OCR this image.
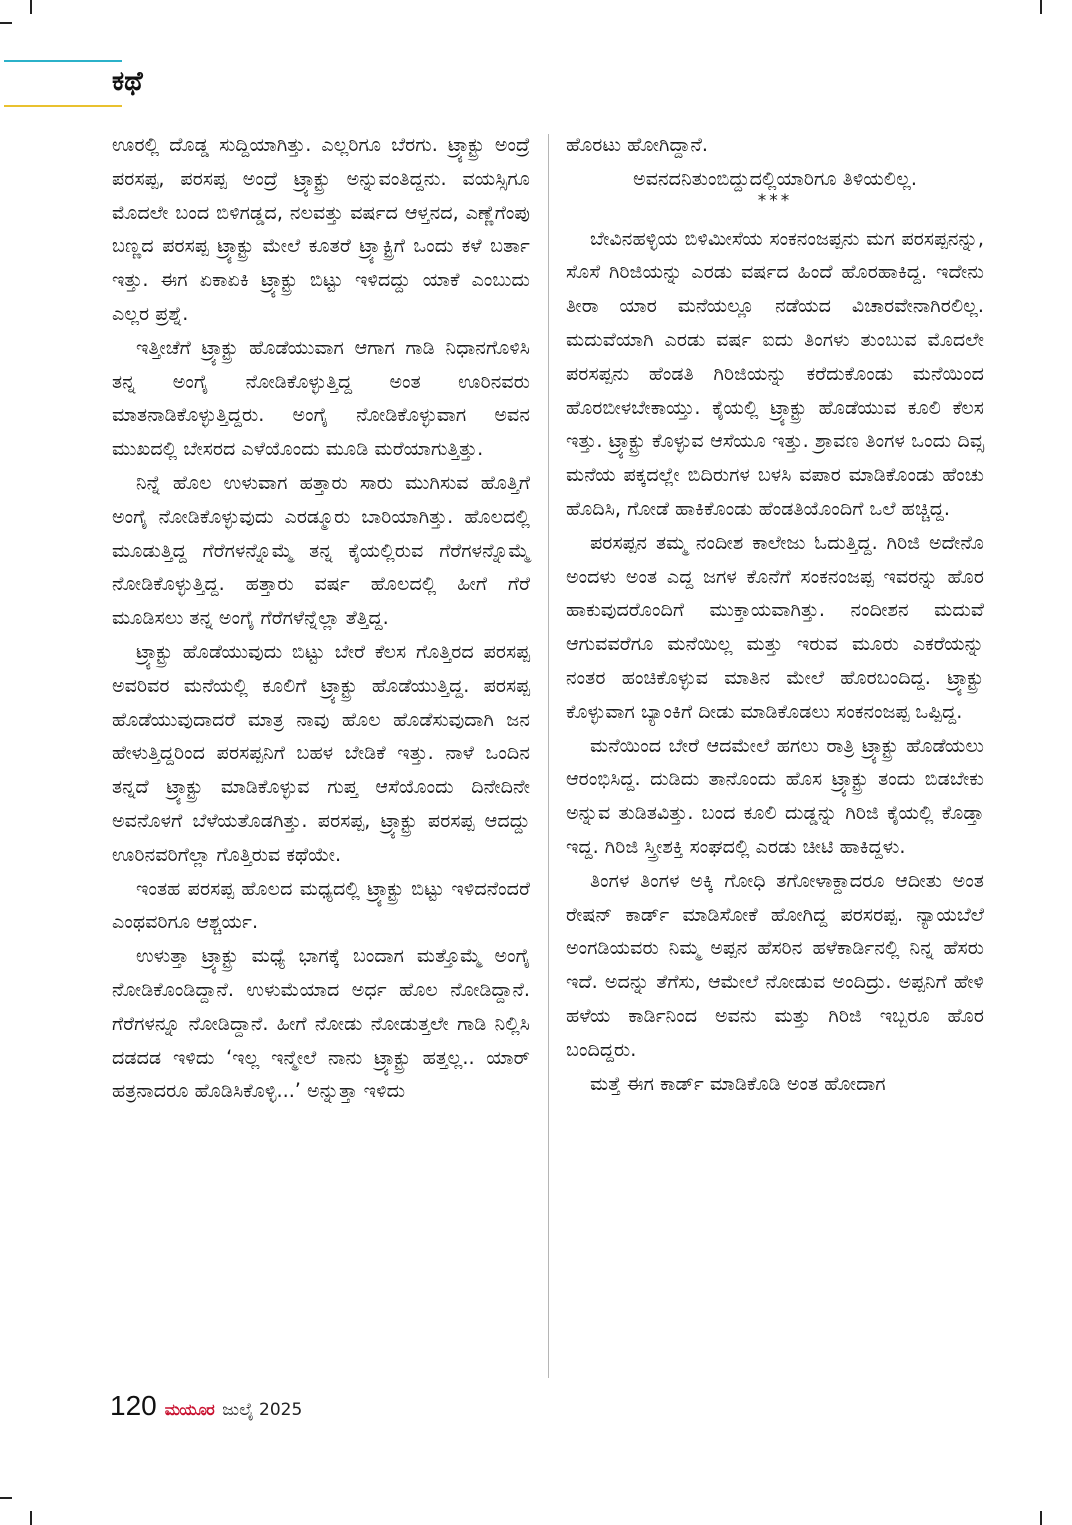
ಕಥೆ

ಊರಲ್ಲಿ ದೊಡ್ಡ ಸುದ್ದಿಯಾಗಿತ್ತು. ಎಲ್ಲರಿಗೂ ಬೆರಗು. ಟ್ರ್ಯಾಕ್ಟ್ರು ಅಂದ್ರೆ ಪರಸಪ್ಪ, ಪರಸಪ್ಪ ಅಂದ್ರೆ ಟ್ರ್ಯಾಕ್ಟ್ರು ಅನ್ನುವಂತಿದ್ದನು. ವಯಸ್ಸಿಗೂ ಮೊದಲೇ ಬಂದ ಬಿಳಿಗಡ್ಡದ, ನಲವತ್ತು ವರ್ಷದ ಆಳ್ತನದ, ಎಣ್ಣೆಗೆಂಪು ಬಣ್ಣದ ಪರಸಪ್ಪ ಟ್ರ್ಯಾಕ್ಟ್ರು ಮೇಲೆ ಕೂತರೆ ಟ್ರ್ಯಾಕ್ಟ್ರಿಗೆ ಒಂದು ಕಳೆ ಬರ್ತಾ ಇತ್ತು. ಈಗ ಏಕಾಏಕಿ ಟ್ರ್ಯಾಕ್ಟ್ರು ಬಿಟ್ಟು ಇಳಿದದ್ದು ಯಾಕೆ ಎಂಬುದು ಎಲ್ಲರ ಪ್ರಶ್ನೆ.

ಇತ್ತೀಚೆಗೆ ಟ್ರ್ಯಾಕ್ಟ್ರು ಹೊಡೆಯುವಾಗ ಆಗಾಗ ಗಾಡಿ ನಿಧಾನಗೊಳಿಸಿ ತನ್ನ ಅಂಗೈ ನೋಡಿಕೊಳ್ಳುತ್ತಿದ್ದ ಅಂತ ಊರಿನವರು ಮಾತನಾಡಿಕೊಳ್ಳುತ್ತಿದ್ದರು. ಅಂಗೈ ನೋಡಿಕೊಳ್ಳುವಾಗ ಅವನ ಮುಖದಲ್ಲಿ ಬೇಸರದ ಎಳೆಯೊಂದು ಮೂಡಿ ಮರೆಯಾಗುತ್ತಿತ್ತು.

ನಿನ್ನೆ ಹೊಲ ಉಳುವಾಗ ಹತ್ತಾರು ಸಾರು ಮುಗಿಸುವ ಹೊತ್ತಿಗೆ ಅಂಗೈ ನೋಡಿಕೊಳ್ಳುವುದು ಎರಡ್ಮೂರು ಬಾರಿಯಾಗಿತ್ತು. ಹೊಲದಲ್ಲಿ ಮೂಡುತ್ತಿದ್ದ ಗೆರೆಗಳನ್ನೊಮ್ಮೆ ತನ್ನ ಕೈಯಲ್ಲಿರುವ ಗೆರೆಗಳನ್ನೊಮ್ಮೆ ನೋಡಿಕೊಳ್ಳುತ್ತಿದ್ದ. ಹತ್ತಾರು ವರ್ಷ ಹೊಲದಲ್ಲಿ ಹೀಗೆ ಗೆರೆ ಮೂಡಿಸಲು ತನ್ನ ಅಂಗೈ ಗೆರೆಗಳೆನ್ನೆಲ್ಲಾ ತೆತ್ತಿದ್ದ.

ಟ್ರ್ಯಾಕ್ಟ್ರು ಹೊಡೆಯುವುದು ಬಿಟ್ಟು ಬೇರೆ ಕೆಲಸ ಗೊತ್ತಿರದ ಪರಸಪ್ಪ ಅವರಿವರ ಮನೆಯಲ್ಲಿ ಕೂಲಿಗೆ ಟ್ರ್ಯಾಕ್ಟ್ರು ಹೊಡೆಯುತ್ತಿದ್ದ. ಪರಸಪ್ಪ ಹೊಡೆಯುವುದಾದರೆ ಮಾತ್ರ ನಾವು ಹೊಲ ಹೊಡೆಸುವುದಾಗಿ ಜನ ಹೇಳುತ್ತಿದ್ದರಿಂದ ಪರಸಪ್ಪನಿಗೆ ಬಹಳ ಬೇಡಿಕೆ ಇತ್ತು. ನಾಳೆ ಒಂದಿನ ತನ್ನದೆ ಟ್ರ್ಯಾಕ್ಟ್ರು ಮಾಡಿಕೊಳ್ಳುವ ಗುಪ್ತ ಆಸೆಯೊಂದು ದಿನೇದಿನೇ ಅವನೊಳಗೆ ಬೆಳೆಯತೊಡಗಿತ್ತು. ಪರಸಪ್ಪ, ಟ್ರ್ಯಾಕ್ಟ್ರು ಪರಸಪ್ಪ ಆದದ್ದು ಊರಿನವರಿಗೆಲ್ಲಾ ಗೊತ್ತಿರುವ ಕಥೆಯೇ.

ಇಂತಹ ಪರಸಪ್ಪ ಹೊಲದ ಮಧ್ಯದಲ್ಲಿ ಟ್ರ್ಯಾಕ್ಟ್ರು ಬಿಟ್ಟು ಇಳಿದನೆಂದರೆ ಎಂಥವರಿಗೂ ಆಶ್ಚರ್ಯ.

ಉಳುತ್ತಾ ಟ್ರ್ಯಾಕ್ಟ್ರು ಮಧ್ಯೆ ಭಾಗಕ್ಕೆ ಬಂದಾಗ ಮತ್ತೊಮ್ಮೆ ಅಂಗೈ ನೋಡಿಕೊಂಡಿದ್ದಾನೆ. ಉಳುಮೆಯಾದ ಅರ್ಧ ಹೊಲ ನೋಡಿದ್ದಾನೆ. ಗೆರೆಗಳನ್ನೂ ನೋಡಿದ್ದಾನೆ. ಹೀಗೆ ನೋಡು ನೋಡುತ್ತಲೇ ಗಾಡಿ ನಿಲ್ಲಿಸಿ ದಡದಡ ಇಳಿದು ‘ಇಲ್ಲ ಇನ್ಮೇಲೆ ನಾನು ಟ್ರ್ಯಾಕ್ಟ್ರು ಹತ್ತಲ್ಲ.. ಯಾರ್ ಹತ್ರನಾದರೂ ಹೊಡಿಸಿಕೊಳ್ಳಿ...’ ಅನ್ನುತ್ತಾ ಇಳಿದು

ಹೊರಟು ಹೋಗಿದ್ದಾನೆ.

ಅವನದನಿತುಂಬಿದ್ದುದಲ್ಲಿಯಾರಿಗೂ ತಿಳಿಯಲಿಲ್ಲ.

***

ಬೇವಿನಹಳ್ಳಿಯ ಬಿಳಿಮೀಸೆಯ ಸಂಕನಂಜಪ್ಪನು ಮಗ ಪರಸಪ್ಪನನ್ನು, ಸೊಸೆ ಗಿರಿಜಿಯನ್ನು ಎರಡು ವರ್ಷದ ಹಿಂದೆ ಹೊರಹಾಕಿದ್ದ. ಇದೇನು ತೀರಾ ಯಾರ ಮನೆಯಲ್ಲೂ ನಡೆಯದ ವಿಚಾರವೇನಾಗಿರಲಿಲ್ಲ. ಮದುವೆಯಾಗಿ ಎರಡು ವರ್ಷ ಐದು ತಿಂಗಳು ತುಂಬುವ ಮೊದಲೇ ಪರಸಪ್ಪನು ಹೆಂಡತಿ ಗಿರಿಜಿಯನ್ನು ಕರೆದುಕೊಂಡು ಮನೆಯಿಂದ ಹೊರಬೀಳಬೇಕಾಯ್ತು. ಕೈಯಲ್ಲಿ ಟ್ರ್ಯಾಕ್ಟ್ರು ಹೊಡೆಯುವ ಕೂಲಿ ಕೆಲಸ ಇತ್ತು. ಟ್ರ್ಯಾಕ್ಟ್ರು ಕೊಳ್ಳುವ ಆಸೆಯೂ ಇತ್ತು. ಶ್ರಾವಣ ತಿಂಗಳ ಒಂದು ದಿವ್ಸ ಮನೆಯ ಪಕ್ಕದಲ್ಲೇ ಬಿದಿರುಗಳ ಬಳಸಿ ವಪಾರ ಮಾಡಿಕೊಂಡು ಹೆಂಚು ಹೊದಿಸಿ, ಗೋಡೆ ಹಾಕಿಕೊಂಡು ಹೆಂಡತಿಯೊಂದಿಗೆ ಒಲೆ ಹಚ್ಚಿದ್ದ.

ಪರಸಪ್ಪನ ತಮ್ಮ ನಂದೀಶ ಕಾಲೇಜು ಓದುತ್ತಿದ್ದ. ಗಿರಿಜಿ ಅದೇನೊ ಅಂದಳು ಅಂತ ಎದ್ದ ಜಗಳ ಕೊನೆಗೆ ಸಂಕನಂಜಪ್ಪ ಇವರನ್ನು ಹೊರ ಹಾಕುವುದರೊಂದಿಗೆ ಮುಕ್ತಾಯವಾಗಿತ್ತು. ನಂದೀಶನ ಮದುವೆ ಆಗುವವರೆಗೂ ಮನೆಯಿಲ್ಲ ಮತ್ತು ಇರುವ ಮೂರು ಎಕರೆಯನ್ನು ನಂತರ ಹಂಚಿಕೊಳ್ಳುವ ಮಾತಿನ ಮೇಲೆ ಹೊರಬಂದಿದ್ದ. ಟ್ರ್ಯಾಕ್ಟ್ರು ಕೊಳ್ಳುವಾಗ ಬ್ಯಾಂಕಿಗೆ ದೀಡು ಮಾಡಿಕೊಡಲು ಸಂಕನಂಜಪ್ಪ ಒಪ್ಪಿದ್ದ.

ಮನೆಯಿಂದ ಬೇರೆ ಆದಮೇಲೆ ಹಗಲು ರಾತ್ರಿ ಟ್ರ್ಯಾಕ್ಟ್ರು ಹೊಡೆಯಲು ಆರಂಭಿಸಿದ್ದ. ದುಡಿದು ತಾನೊಂದು ಹೊಸ ಟ್ರ್ಯಾಕ್ಟ್ರು ತಂದು ಬಿಡಬೇಕು ಅನ್ನುವ ತುಡಿತವಿತ್ತು. ಬಂದ ಕೂಲಿ ದುಡ್ಡನ್ನು ಗಿರಿಜಿ ಕೈಯಲ್ಲಿ ಕೊಡ್ತಾ ಇದ್ದ. ಗಿರಿಜಿ ಸ್ತ್ರೀಶಕ್ತಿ ಸಂಘದಲ್ಲಿ ಎರಡು ಚೀಟಿ ಹಾಕಿದ್ದಳು.

ತಿಂಗಳ ತಿಂಗಳ ಅಕ್ಕಿ ಗೋಧಿ ತಗೋಳಾಕ್ದಾದರೂ ಆದೀತು ಅಂತ ರೇಷನ್ ಕಾರ್ಡ್ ಮಾಡಿಸೋಕೆ ಹೋಗಿದ್ದ ಪರಸರಪ್ಪ. ನ್ಯಾಯಬೆಲೆ ಅಂಗಡಿಯವರು ನಿಮ್ಮ ಅಪ್ಪನ ಹೆಸರಿನ ಹಳೆಕಾರ್ಡಿನಲ್ಲಿ ನಿನ್ನ ಹೆಸರು ಇದೆ. ಅದನ್ನು ತೆಗೆಸು, ಆಮೇಲೆ ನೋಡುವ ಅಂದಿದ್ರು. ಅಪ್ಪನಿಗೆ ಹೇಳಿ ಹಳೆಯ ಕಾರ್ಡಿನಿಂದ ಅವನು ಮತ್ತು ಗಿರಿಜಿ ಇಬ್ಬರೂ ಹೊರ ಬಂದಿದ್ದರು.

ಮತ್ತೆ ಈಗ ಕಾರ್ಡ್ ಮಾಡಿಕೊಡಿ ಅಂತ ಹೋದಾಗ

120 ಮಯೂರ ಜುಲೈ 2025
